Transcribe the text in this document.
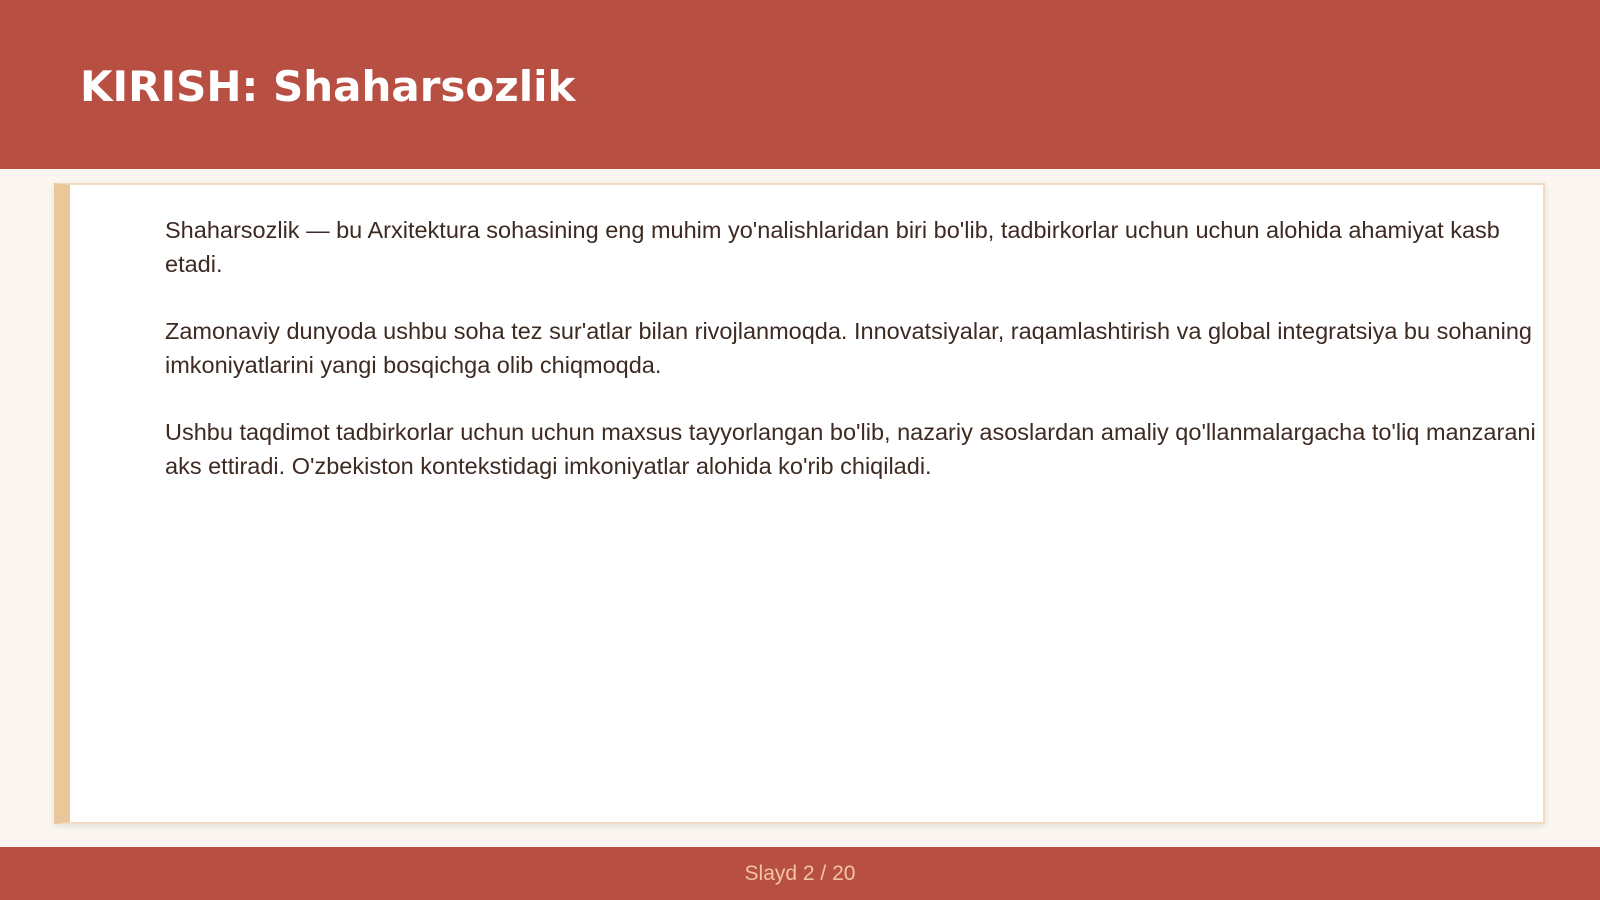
KIRISH: Shaharsozlik

Shaharsozlik — bu Arxitektura sohasining eng muhim yo'nalishlaridan biri bo'lib, tadbirkorlar uchun uchun alohida ahamiyat kasb etadi.

Zamonaviy dunyoda ushbu soha tez sur'atlar bilan rivojlanmoqda. Innovatsiyalar, raqamlashtirish va global integratsiya bu sohaning imkoniyatlarini yangi bosqichga olib chiqmoqda.

Ushbu taqdimot tadbirkorlar uchun uchun maxsus tayyorlangan bo'lib, nazariy asoslardan amaliy qo'llanmalargacha to'liq manzarani aks ettiradi. O'zbekiston kontekstidagi imkoniyatlar alohida ko'rib chiqiladi.

Slayd 2 / 20
